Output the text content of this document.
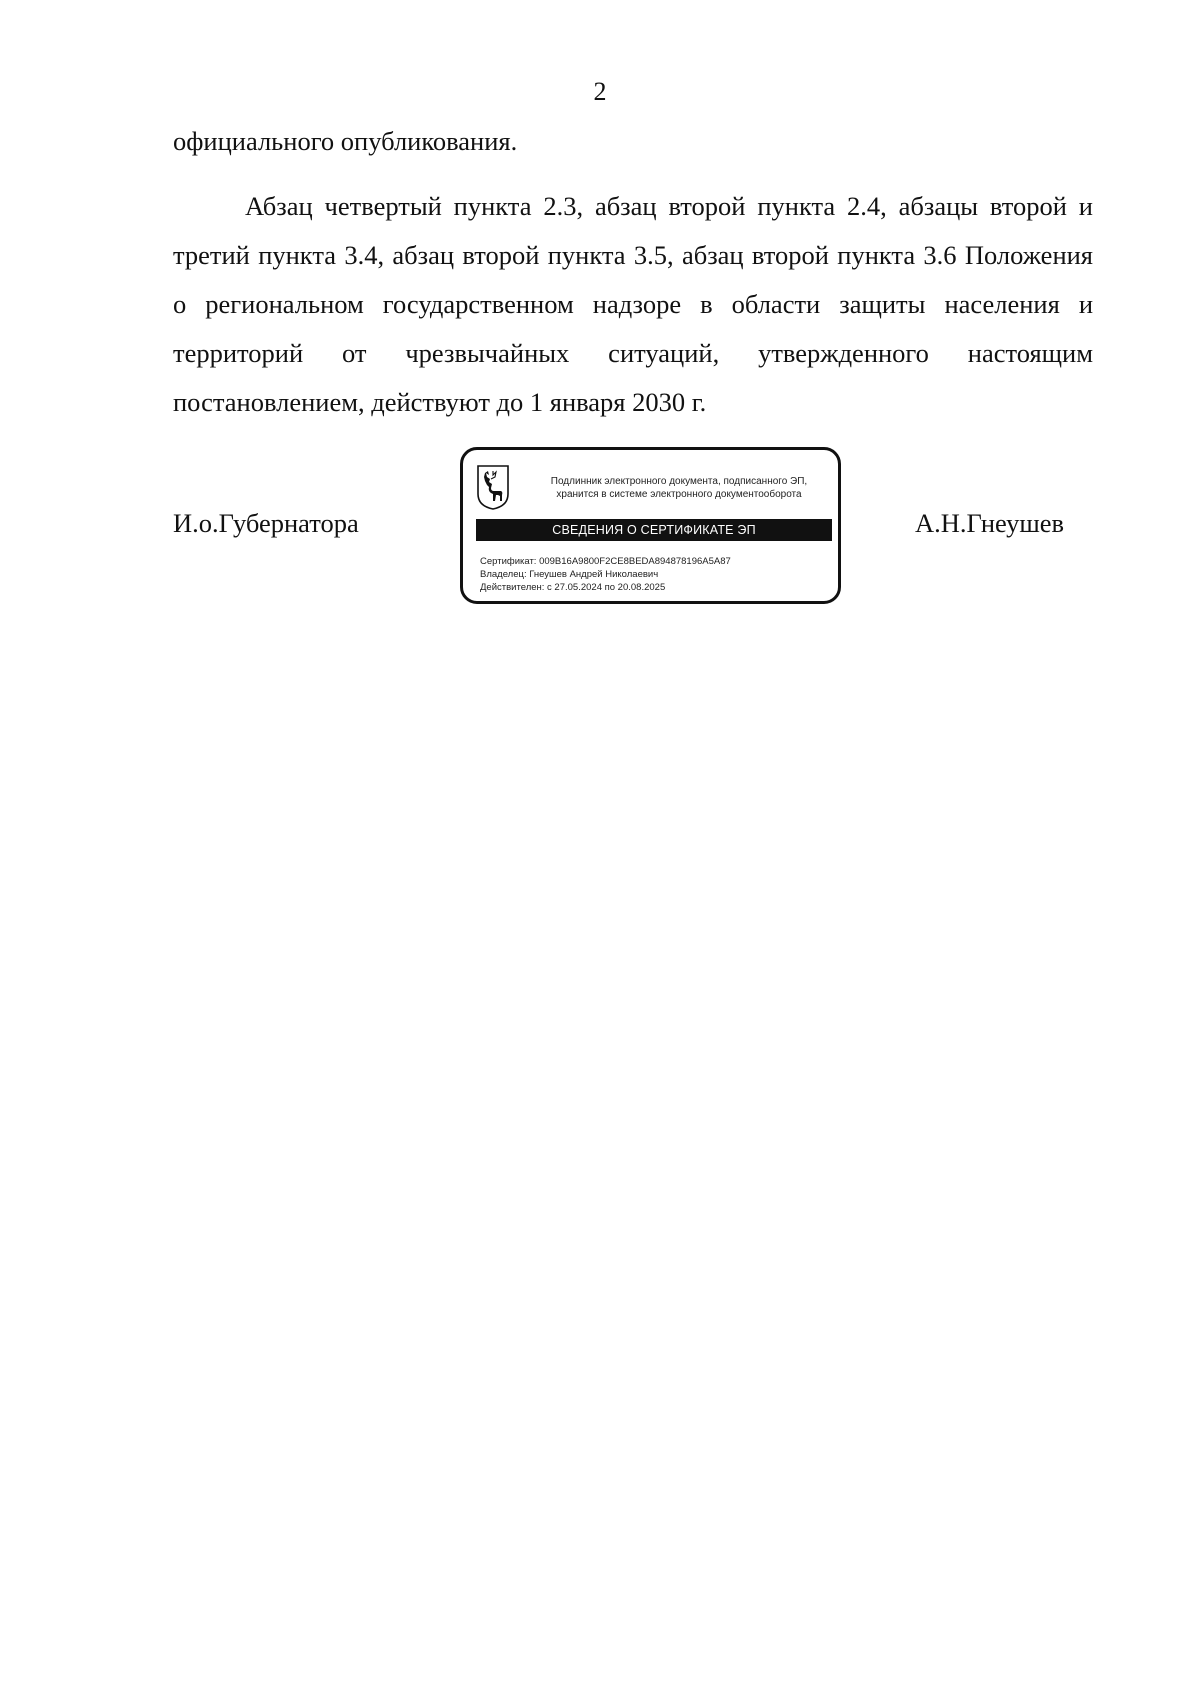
2

официального опубликования.

Абзац четвертый пункта 2.3, абзац второй пункта 2.4, абзацы второй и третий пункта 3.4, абзац второй пункта 3.5, абзац второй пункта 3.6 Положения о региональном государственном надзоре в области защиты населения и территорий от чрезвычайных ситуаций, утвержденного настоящим постановлением, действуют до 1 января 2030 г.

И.о.Губернатора
Подлинник электронного документа, подписанного ЭП,
хранится в системе электронного документооборота
СВЕДЕНИЯ О СЕРТИФИКАТЕ ЭП
Сертификат: 009B16A9800F2CE8BEDA894878196A5A87
Владелец: Гнеушев Андрей Николаевич
Действителен: с 27.05.2024 по 20.08.2025
А.Н.Гнеушев
